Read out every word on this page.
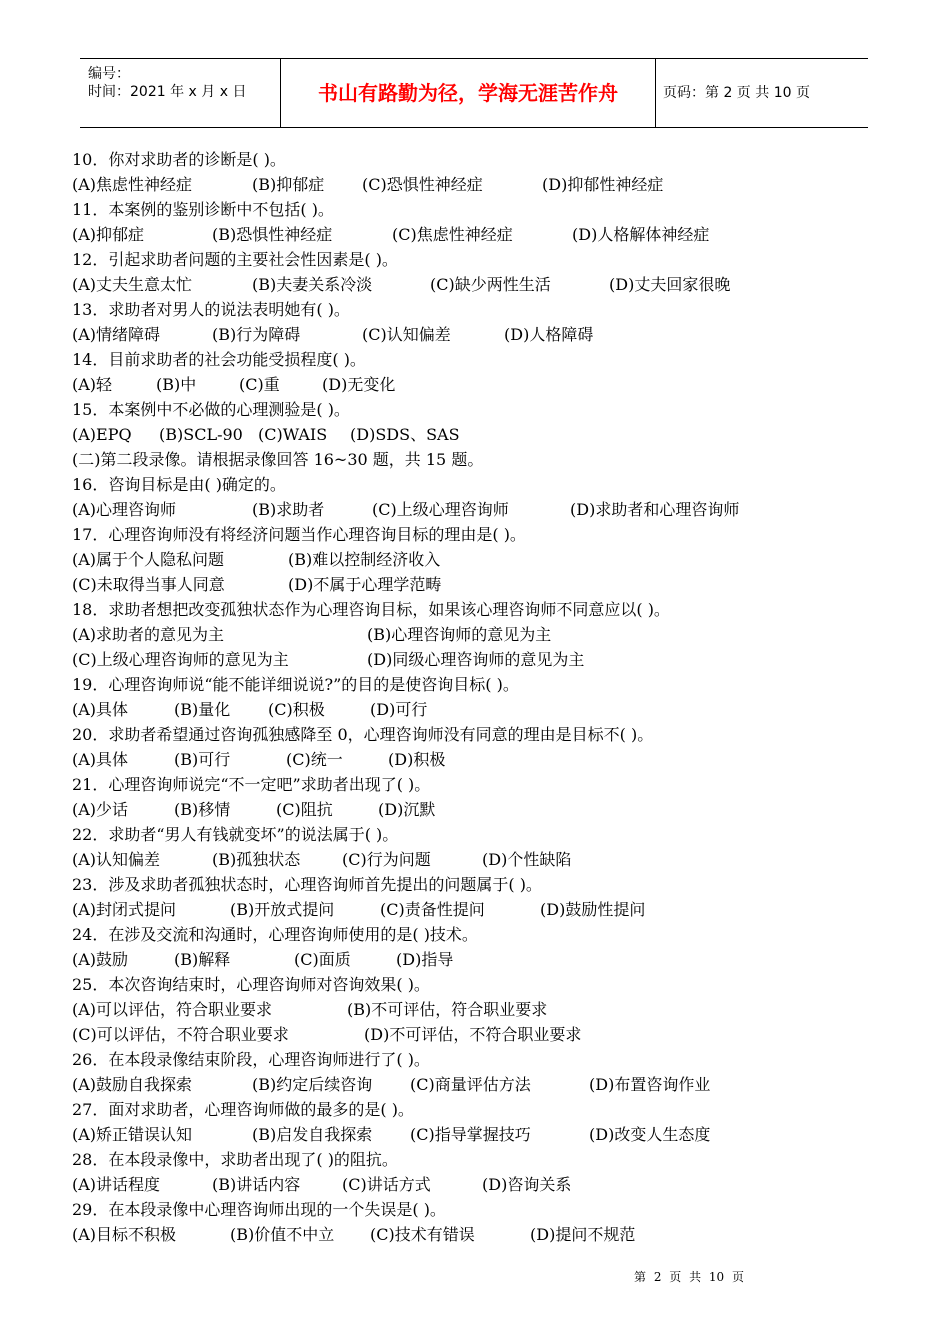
编号：
时间：2021 年 x 月 x 日	书山有路勤为径，学海无涯苦作舟	页码：第 2 页 共 10 页
10．你对求助者的诊断是( )。
(A)焦虑性神经症	(B)抑郁症 (C)恐惧性神经症	(D)抑郁性神经症
11．本案例的鉴别诊断中不包括( )。
(A)抑郁症	(B)恐惧性神经症	(C)焦虑性神经症	(D)人格解体神经症
12．引起求助者问题的主要社会性因素是( )。
(A)丈夫生意太忙	(B)夫妻关系冷淡	(C)缺少两性生活	(D)丈夫回家很晚
13．求助者对男人的说法表明她有( )。
(A)情绪障碍	(B)行为障碍	(C)认知偏差	(D)人格障碍
14．目前求助者的社会功能受损程度( )。
(A)轻	(B)中	(C)重	(D)无变化
15．本案例中不必做的心理测验是( )。
(A)EPQ (B)SCL-90 (C)WAIS (D)SDS、SAS
(二)第二段录像。请根据录像回答 16~30 题，共 15 题。
16．咨询目标是由( )确定的。
(A)心理咨询师	(B)求助者	(C)上级心理咨询师	(D)求助者和心理咨询师
17．心理咨询师没有将经济问题当作心理咨询目标的理由是( )。
(A)属于个人隐私问题	(B)难以控制经济收入
(C)未取得当事人同意	(D)不属于心理学范畴
18．求助者想把改变孤独状态作为心理咨询目标，如果该心理咨询师不同意应以( )。
(A)求助者的意见为主	(B)心理咨询师的意见为主
(C)上级心理咨询师的意见为主	(D)同级心理咨询师的意见为主
19．心理咨询师说“能不能详细说说?”的目的是使咨询目标( )。
(A)具体	(B)量化 (C)积极	(D)可行
20．求助者希望通过咨询孤独感降至 0，心理咨询师没有同意的理由是目标不( )。
(A)具体	(B)可行	(C)统一	(D)积极
21．心理咨询师说完“不一定吧”求助者出现了( )。
(A)少话	(B)移情	(C)阻抗	(D)沉默
22．求助者“男人有钱就变坏”的说法属于( )。
(A)认知偏差	(B)孤独状态	(C)行为问题	(D)个性缺陷
23．涉及求助者孤独状态时，心理咨询师首先提出的问题属于( )。
(A)封闭式提问	(B)开放式提问	(C)责备性提问	(D)鼓励性提问
24．在涉及交流和沟通时，心理咨询师使用的是( )技术。
(A)鼓励	(B)解释	(C)面质	(D)指导
25．本次咨询结束时，心理咨询师对咨询效果( )。
(A)可以评估，符合职业要求	(B)不可评估，符合职业要求
(C)可以评估，不符合职业要求	(D)不可评估，不符合职业要求
26．在本段录像结束阶段，心理咨询师进行了( )。
(A)鼓励自我探索	(B)约定后续咨询 (C)商量评估方法	(D)布置咨询作业
27．面对求助者，心理咨询师做的最多的是( )。
(A)矫正错误认知	(B)启发自我探索 (C)指导掌握技巧	(D)改变人生态度
28．在本段录像中，求助者出现了( )的阻抗。
(A)讲话程度	(B)讲话内容	(C)讲话方式	(D)咨询关系
29．在本段录像中心理咨询师出现的一个失误是( )。
(A)目标不积极	(B)价值不中立 (C)技术有错误	(D)提问不规范
第 2 页 共 10 页
